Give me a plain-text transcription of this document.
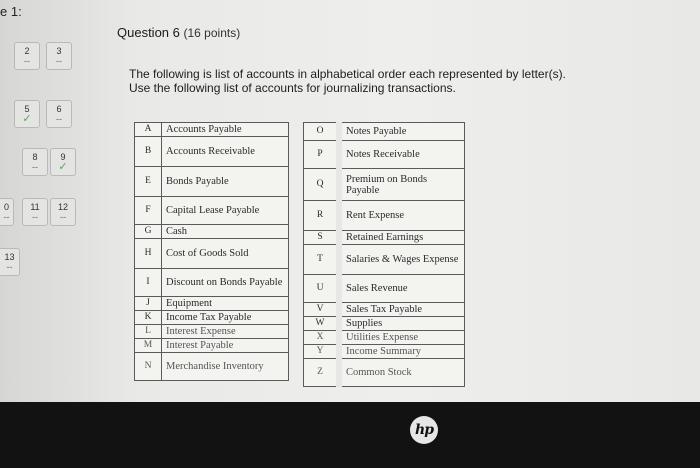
e 1:
2
--
3
--
5
✓
6
--
8
--
9
✓
0
--
11
--
12
--
13
--
Question 6 (16 points)
The following is list of accounts in alphabetical order each represented by letter(s).
Use the following list of accounts for journalizing transactions.
A	Accounts Payable
B	Accounts Receivable
E	Bonds Payable
F	Capital Lease Payable
G	Cash
H	Cost of Goods Sold
I	Discount on Bonds Payable
J	Equipment
K	Income Tax Payable
L	Interest Expense
M	Interest Payable
N	Merchandise Inventory
O	Notes Payable
P	Notes Receivable
Q	Premium on Bonds Payable
R	Rent Expense
S	Retained Earnings
T	Salaries & Wages Expense
U	Sales Revenue
V	Sales Tax Payable
W	Supplies
X	Utilities Expense
Y	Income Summary
Z	Common Stock
hp
